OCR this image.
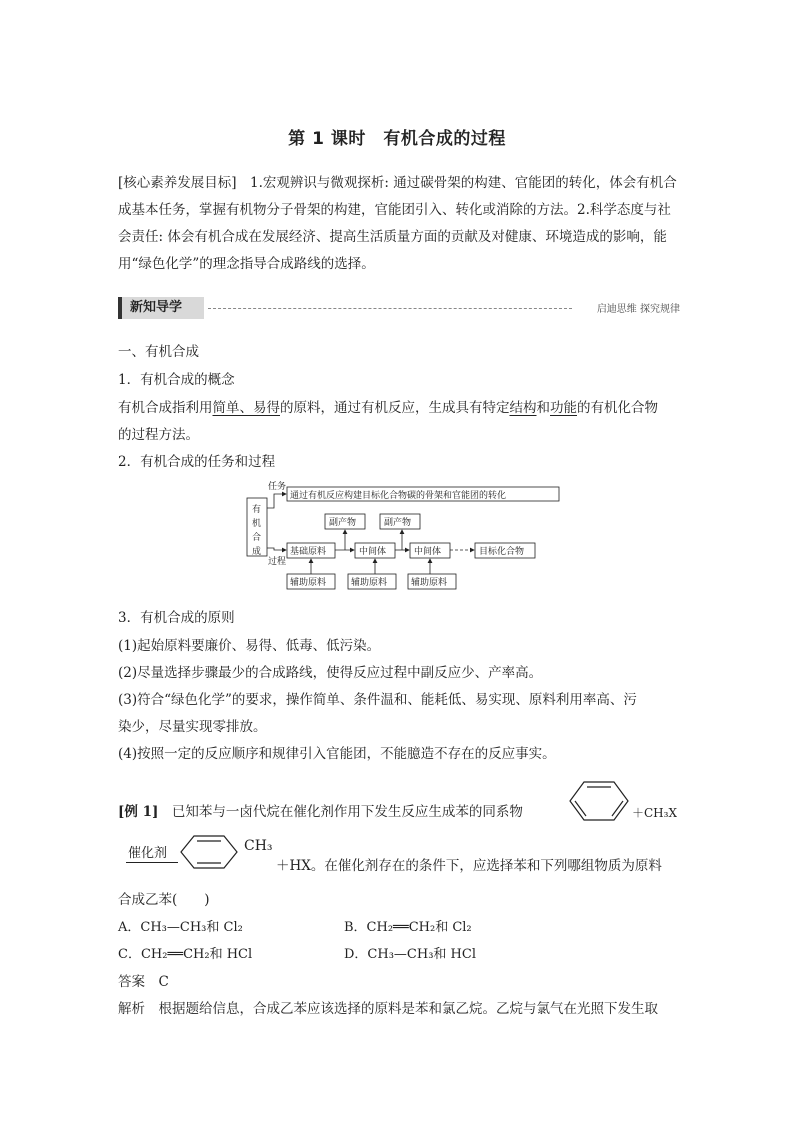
第 1 课时　有机合成的过程
[核心素养发展目标]　1.宏观辨识与微观探析: 通过碳骨架的构建、官能团的转化，体会有机合成基本任务，掌握有机物分子骨架的构建，官能团引入、转化或消除的方法。2.科学态度与社会责任: 体会有机合成在发展经济、提高生活质量方面的贡献及对健康、环境造成的影响，能用“绿色化学”的理念指导合成路线的选择。
新知导学	启迪思维 探究规律
一、有机合成
1．有机合成的概念
有机合成指利用简单、易得的原料，通过有机反应，生成具有特定结构和功能的有机化合物
的过程方法。
2．有机合成的任务和过程
有
机
合
成
任务
通过有机反应构建目标化合物碳的骨架和官能团的转化
过程
基础原料	中间体	中间体	目标化合物
副产物	副产物
辅助原料	辅助原料	辅助原料
3．有机合成的原则
(1)起始原料要廉价、易得、低毒、低污染。
(2)尽量选择步骤最少的合成路线，使得反应过程中副反应少、产率高。
(3)符合“绿色化学”的要求，操作简单、条件温和、能耗低、易实现、原料利用率高、污
染少，尽量实现零排放。
(4)按照一定的反应顺序和规律引入官能团，不能臆造不存在的反应事实。
[例 1]　已知苯与一卤代烷在催化剂作用下发生反应生成苯的同系物	＋CH₃X
催化剂	CH₃
＋HX。在催化剂存在的条件下，应选择苯和下列哪组物质为原料
合成乙苯(　　)
A．CH₃—CH₃和 Cl₂	B．CH₂══CH₂和 Cl₂
C．CH₂══CH₂和 HCl	D．CH₃—CH₃和 HCl
答案　C
解析　根据题给信息，合成乙苯应该选择的原料是苯和氯乙烷。乙烷与氯气在光照下发生取
